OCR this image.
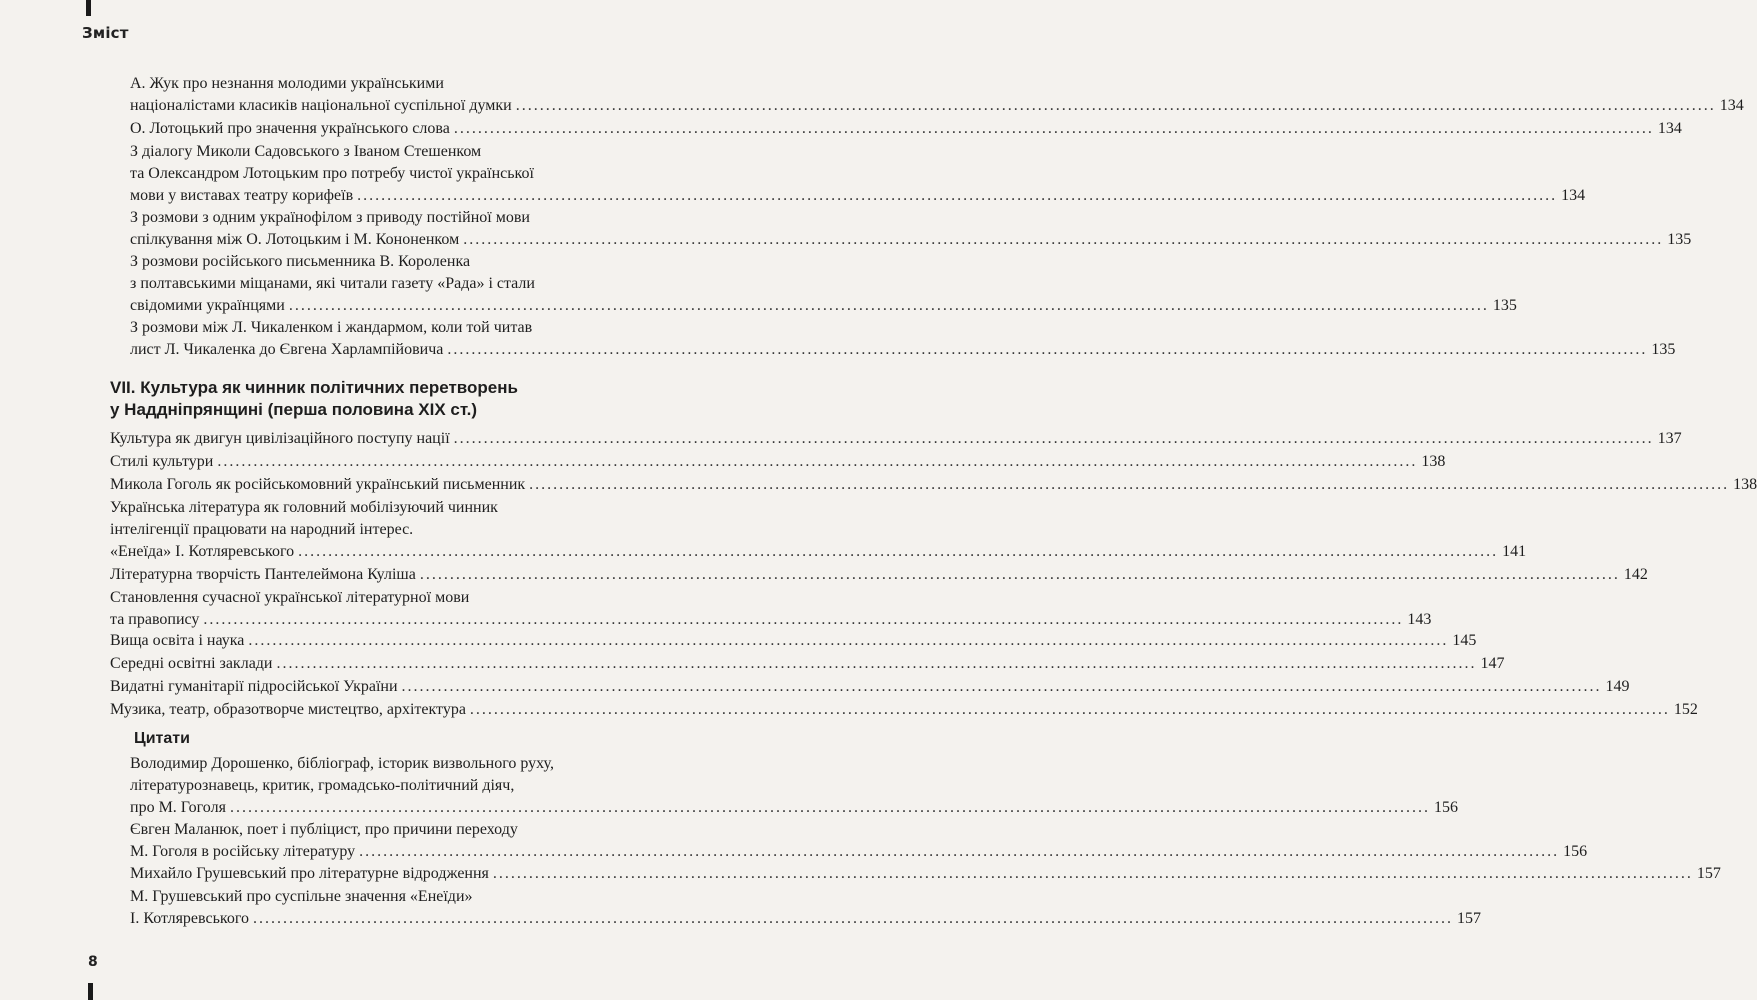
Зміст
VII. Культура як чинник політичних перетворень
у Наддніпрянщині (перша половина XIX ст.)
Цитати
А. Жук про незнання молодими українськими
націоналістами класиків національної суспільної думки ........................................................................................................................................................................................................ 134
О. Лотоцький про значення українського слова ........................................................................................................................................................................................................ 134
З діалогу Миколи Садовського з Іваном Стешенком
та Олександром Лотоцьким про потребу чистої української
мови у виставах театру корифеїв ........................................................................................................................................................................................................ 134
З розмови з одним українофілом з приводу постійної мови
спілкування між О. Лотоцьким і М. Кононенком ........................................................................................................................................................................................................ 135
З розмови російського письменника В. Короленка
з полтавськими міщанами, які читали газету «Рада» і стали
свідомими українцями ........................................................................................................................................................................................................ 135
З розмови між Л. Чикаленком і жандармом, коли той читав
лист Л. Чикаленка до Євгена Харлампійовича ........................................................................................................................................................................................................ 135
Культура як двигун цивілізаційного поступу нації ........................................................................................................................................................................................................ 137
Стилі культури ........................................................................................................................................................................................................ 138
Микола Гоголь як російськомовний український письменник ........................................................................................................................................................................................................ 138
Українська література як головний мобілізуючий чинник
інтелігенції працювати на народний інтерес.
«Енеїда» І. Котляревського ........................................................................................................................................................................................................ 141
Літературна творчість Пантелеймона Куліша ........................................................................................................................................................................................................ 142
Становлення сучасної української літературної мови
та правопису ........................................................................................................................................................................................................ 143
Вища освіта і наука ........................................................................................................................................................................................................ 145
Середні освітні заклади ........................................................................................................................................................................................................ 147
Видатні гуманітарії підросійської України ........................................................................................................................................................................................................ 149
Музика, театр, образотворче мистецтво, архітектура ........................................................................................................................................................................................................ 152
Володимир Дорошенко, бібліограф, історик визвольного руху,
літературознавець, критик, громадсько-політичний діяч,
про М. Гоголя ........................................................................................................................................................................................................ 156
Євген Маланюк, поет і публіцист, про причини переходу
М. Гоголя в російську літературу ........................................................................................................................................................................................................ 156
Михайло Грушевський про літературне відродження ........................................................................................................................................................................................................ 157
М. Грушевський про суспільне значення «Енеїди»
І. Котляревського ........................................................................................................................................................................................................ 157
8
